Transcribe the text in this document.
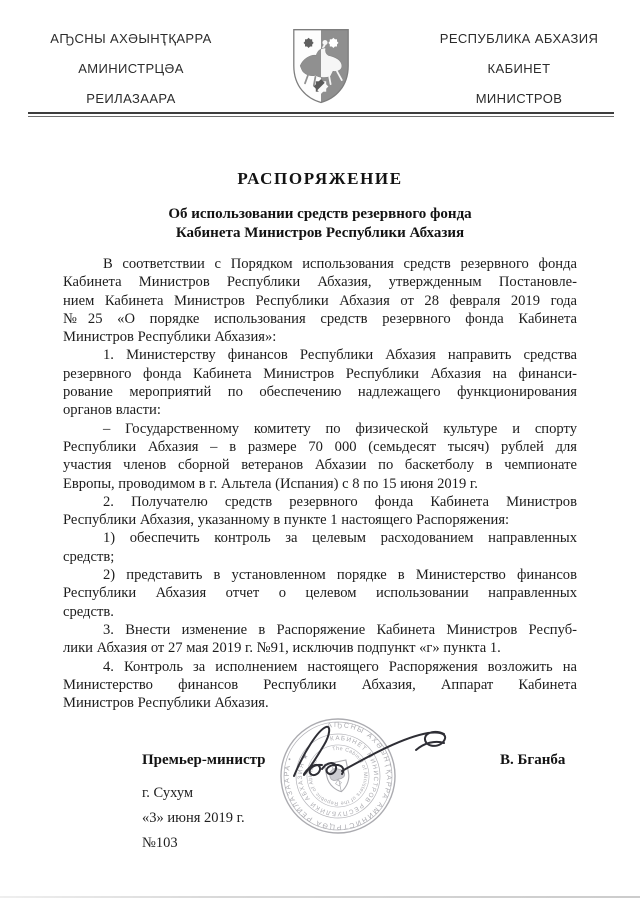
АҦСНЫ АХӘЫНҬҚАРРА
АМИНИСТРЦӘА
РЕИЛАЗААРА
РЕСПУБЛИКА АБХАЗИЯ
КАБИНЕТ
МИНИСТРОВ
РАСПОРЯЖЕНИЕ
Об использовании средств резервного фонда
Кабинета Министров Республики Абхазия
В соответствии с Порядком использования средств резервного фонда
Кабинета Министров Республики Абхазия, утвержденным Постановле-
нием Кабинета Министров Республики Абхазия от 28 февраля 2019 года
№25 «О порядке использования средств резервного фонда Кабинета
Министров Республики Абхазия»:
1. Министерству финансов Республики Абхазия направить средства
резервного фонда Кабинета Министров Республики Абхазия на финанси-
рование мероприятий по обеспечению надлежащего функционирования
органов власти:
– Государственному комитету по физической культуре и спорту
Республики Абхазия – в размере 70 000 (семьдесят тысяч) рублей для
участия членов сборной ветеранов Абхазии по баскетболу в чемпионате
Европы, проводимом в г. Альтела (Испания) с 8 по 15 июня 2019 г.
2. Получателю средств резервного фонда Кабинета Министров
Республики Абхазия, указанному в пункте 1 настоящего Распоряжения:
1) обеспечить контроль за целевым расходованием направленных
средств;
2) представить в установленном порядке в Министерство финансов
Республики Абхазия отчет о целевом использовании направленных
средств.
3. Внести изменение в Распоряжение Кабинета Министров Респуб-
лики Абхазия от 27 мая 2019 г. №91, исключив подпункт «г» пункта 1.
4. Контроль за исполнением настоящего Распоряжения возложить на
Министерство финансов Республики Абхазия, Аппарат Кабинета
Министров Республики Абхазия.
Премьер-министр	В. Бганба
г. Сухум
«3» июня 2019 г.
№103
АҦСНЫ АХӘЫНҬҚАРРА АМИНИСТРЦӘА РЕИЛАЗААРА •
КАБИНЕТ МИНИСТРОВ РЕСПУБЛИКИ АБХАЗИЯ ★
The Cabinet of Ministers of the Republic of Abkhazia
